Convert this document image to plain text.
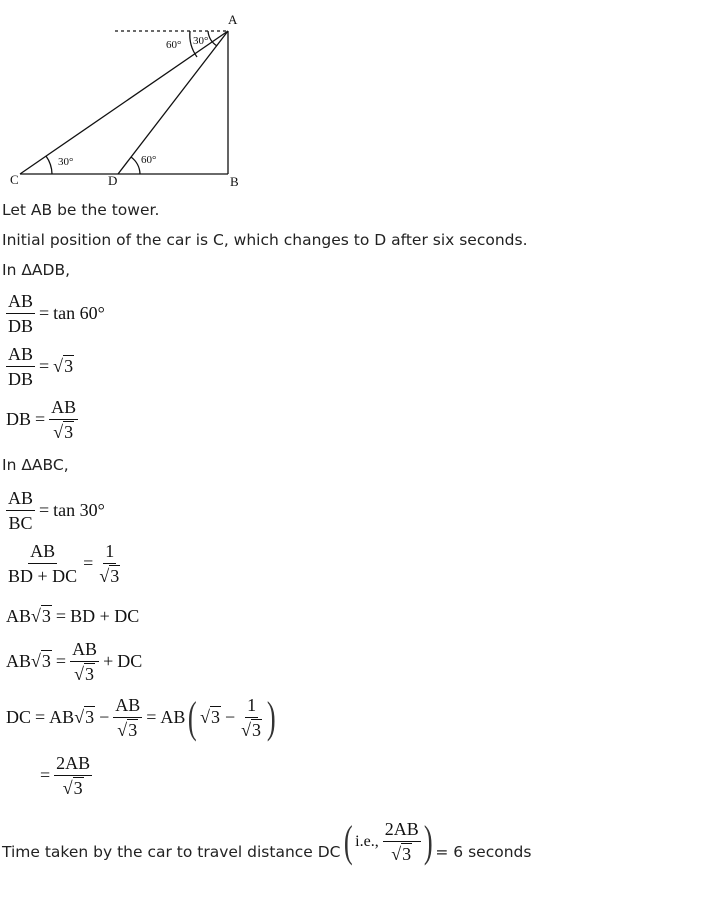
A
B
C	D
60° 30°
30°	60°
Let AB be the tower.
Initial position of the car is C, which changes to D after six seconds.
In ΔADB,
$\frac{AB}{DB} = \tan 60^\circ$
$\frac{AB}{DB} = √3$
DB = $\frac{AB}{√3}$
In ΔABC,
$\frac{AB}{BC} = \tan 30^\circ$
$\frac{AB}{BD + DC} = \frac{1}{√3}$
AB √3 = BD + DC
AB $√3 = \frac{AB}{√3}$ + DC
DC = AB $√3 - \frac{AB}{√3}$ = AB ( $√3 - \frac{1}{√3}$ )
= $\frac{2AB}{√3}$
Time taken by the car to travel distance DC ( i.e., $\frac{2AB}{√3}$ ) = 6 seconds
